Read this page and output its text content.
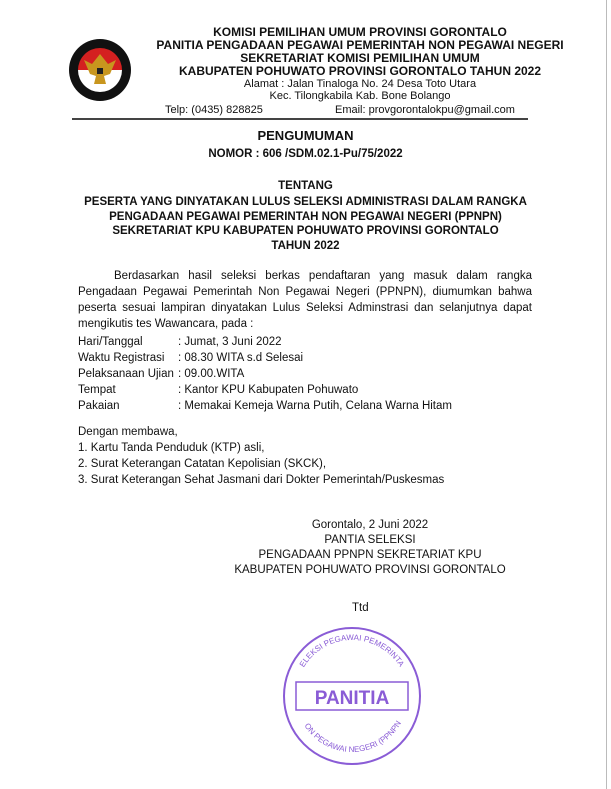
KOMISI PEMILIHAN UMUM PROVINSI GORONTALO
PANITIA PENGADAAN PEGAWAI PEMERINTAH NON PEGAWAI NEGERI
SEKRETARIAT KOMISI PEMILIHAN UMUM
KABUPATEN POHUWATO PROVINSI GORONTALO TAHUN 2022
Alamat : Jalan Tinaloga No. 24 Desa Toto Utara
Kec. Tilongkabila Kab. Bone Bolango
Telp: (0435) 828825	Email: provgorontalokpu@gmail.com
PENGUMUMAN
NOMOR : 606 /SDM.02.1-Pu/75/2022
TENTANG
PESERTA YANG DINYATAKAN LULUS SELEKSI ADMINISTRASI DALAM RANGKA
PENGADAAN PEGAWAI PEMERINTAH NON PEGAWAI NEGERI (PPNPN)
SEKRETARIAT KPU KABUPATEN POHUWATO PROVINSI GORONTALO
TAHUN 2022
Berdasarkan hasil seleksi berkas pendaftaran yang masuk dalam rangka Pengadaan Pegawai Pemerintah Non Pegawai Negeri (PPNPN), diumumkan bahwa peserta sesuai lampiran dinyatakan Lulus Seleksi Adminstrasi dan selanjutnya dapat mengikutis tes Wawancara, pada :
Hari/Tanggal	: Jumat, 3 Juni 2022
Waktu Registrasi : 08.30 WITA s.d Selesai
Pelaksanaan Ujian : 09.00.WITA
Tempat	: Kantor KPU Kabupaten Pohuwato
Pakaian	: Memakai Kemeja Warna Putih, Celana Warna Hitam
Dengan membawa,
1. Kartu Tanda Penduduk (KTP) asli,
2. Surat Keterangan Catatan Kepolisian (SKCK),
3. Surat Keterangan Sehat Jasmani dari Dokter Pemerintah/Puskesmas
Gorontalo, 2 Juni 2022
PANTIA SELEKSI
PENGADAAN PPNPN SEKRETARIAT KPU
KABUPATEN POHUWATO PROVINSI GORONTALO
Ttd
ELEKSI PEGAWAI PEMERINTA
ON PEGAWAI NEGERI (PPNPN
PANITIA
